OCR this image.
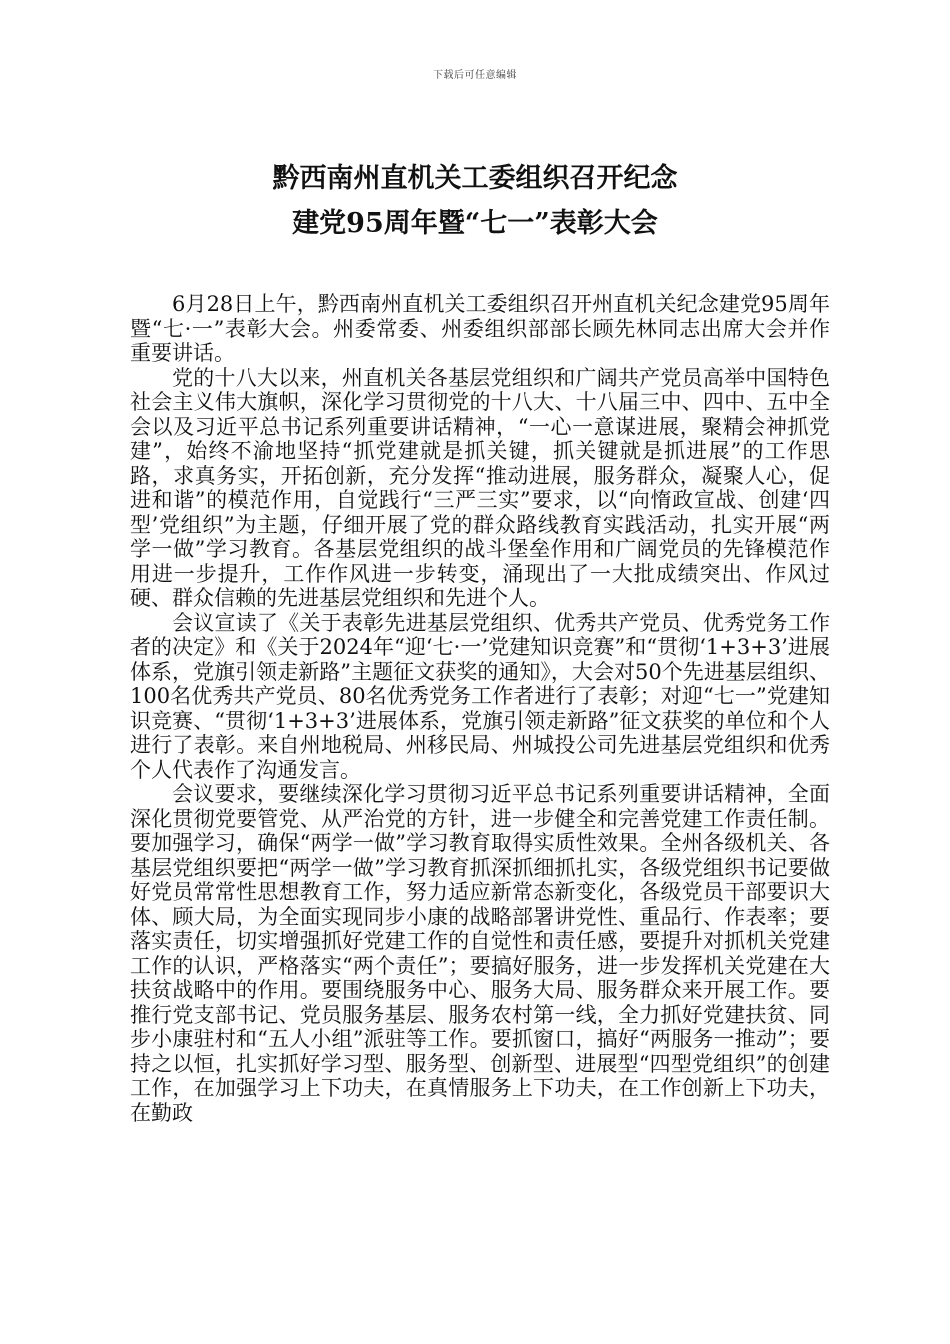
下载后可任意编辑
黔西南州直机关工委组织召开纪念
建党95周年暨“七一”表彰大会

6月28日上午，黔西南州直机关工委组织召开州直机关纪念建党95周年暨“七·一”表彰大会。州委常委、州委组织部部长顾先林同志出席大会并作重要讲话。

党的十八大以来，州直机关各基层党组织和广阔共产党员高举中国特色社会主义伟大旗帜，深化学习贯彻党的十八大、十八届三中、四中、五中全会以及习近平总书记系列重要讲话精神，“一心一意谋进展，聚精会神抓党建”，始终不渝地坚持“抓党建就是抓关键，抓关键就是抓进展”的工作思路，求真务实，开拓创新，充分发挥“推动进展，服务群众，凝聚人心，促进和谐”的模范作用，自觉践行“三严三实”要求，以“向惰政宣战、创建‘四型’党组织”为主题，仔细开展了党的群众路线教育实践活动，扎实开展“两学一做”学习教育。各基层党组织的战斗堡垒作用和广阔党员的先锋模范作用进一步提升，工作作风进一步转变，涌现出了一大批成绩突出、作风过硬、群众信赖的先进基层党组织和先进个人。

会议宣读了《关于表彰先进基层党组织、优秀共产党员、优秀党务工作者的决定》和《关于2024年“迎‘七·一’党建知识竞赛”和“贯彻‘1+3+3’进展体系，党旗引领走新路”主题征文获奖的通知》，大会对50个先进基层组织、100名优秀共产党员、80名优秀党务工作者进行了表彰；对迎“七一”党建知识竞赛、“贯彻‘1+3+3’进展体系，党旗引领走新路”征文获奖的单位和个人进行了表彰。来自州地税局、州移民局、州城投公司先进基层党组织和优秀个人代表作了沟通发言。

会议要求，要继续深化学习贯彻习近平总书记系列重要讲话精神，全面深化贯彻党要管党、从严治党的方针，进一步健全和完善党建工作责任制。要加强学习，确保“两学一做”学习教育取得实质性效果。全州各级机关、各基层党组织要把“两学一做”学习教育抓深抓细抓扎实，各级党组织书记要做好党员常常性思想教育工作，努力适应新常态新变化，各级党员干部要识大体、顾大局，为全面实现同步小康的战略部署讲党性、重品行、作表率；要落实责任，切实增强抓好党建工作的自觉性和责任感，要提升对抓机关党建工作的认识，严格落实“两个责任”；要搞好服务，进一步发挥机关党建在大扶贫战略中的作用。要围绕服务中心、服务大局、服务群众来开展工作。要推行党支部书记、党员服务基层、服务农村第一线，全力抓好党建扶贫、同步小康驻村和“五人小组”派驻等工作。要抓窗口，搞好“两服务一推动”；要持之以恒，扎实抓好学习型、服务型、创新型、进展型“四型党组织”的创建工作，在加强学习上下功夫，在真情服务上下功夫，在工作创新上下功夫，在勤政
